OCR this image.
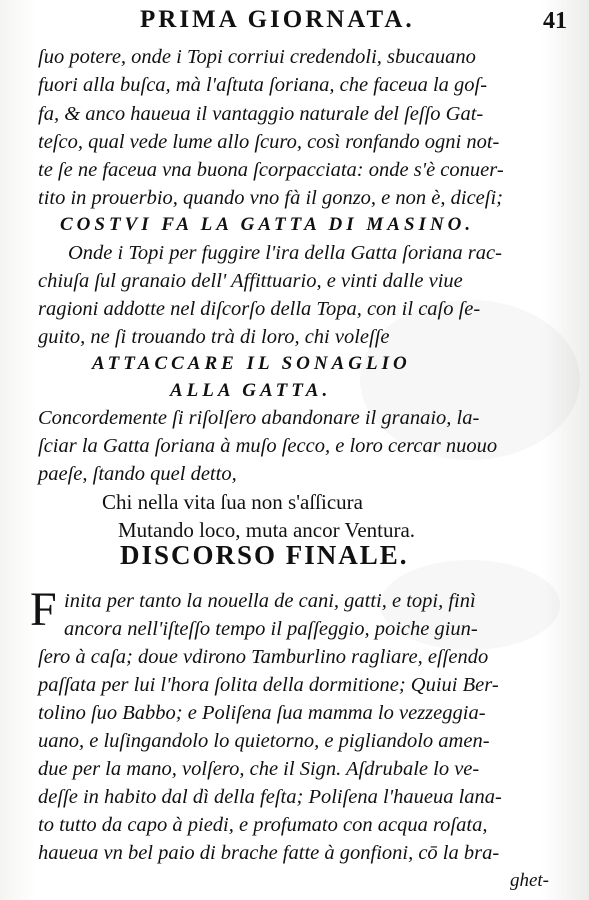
PRIMA GIORNATA.	41
ſuo potere, onde i Topi corriui credendoli, sbucauano
fuori alla buſca, mà l'aſtuta ſoriana, che faceua la goſ-
fa, & anco haueua il vantaggio naturale del ſeſſo Gat-
teſco, qual vede lume allo ſcuro, così ronfando ogni not-
te ſe ne faceua vna buona ſcorpacciata: onde s'è conuer-
tito in prouerbio, quando vno fà il gonzo, e non è, diceſi;
COSTVI FA LA GATTA DI MASINO.
Onde i Topi per fuggire l'ira della Gatta ſoriana rac-
chiuſa ſul granaio dell' Affittuario, e vinti dalle viue
ragioni addotte nel diſcorſo della Topa, con il caſo ſe-
guito, ne ſi trouando trà di loro, chi voleſſe
ATTACCARE IL SONAGLIO
ALLA GATTA.
Concordemente ſi riſolſero abandonare il granaio, la-
ſciar la Gatta ſoriana à muſo ſecco, e loro cercar nuouo
paeſe, ſtando quel detto,
Chi nella vita ſua non s'aſſicura
Mutando loco, muta ancor Ventura.
DISCORSO FINALE.
F inita per tanto la nouella de cani, gatti, e topi, finì
ancora nell'iſteſſo tempo il paſſeggio, poiche giun-
ſero à caſa; doue vdirono Tamburlino ragliare, eſſendo
paſſata per lui l'hora ſolita della dormitione; Quiui Ber-
tolino ſuo Babbo; e Poliſena ſua mamma lo vezzeggia-
uano, e luſingandolo lo quietorno, e pigliandolo amen-
due per la mano, volſero, che il Sign. Aſdrubale lo ve-
deſſe in habito dal dì della feſta; Poliſena l'haueua lana-
to tutto da capo à piedi, e profumato con acqua roſata,
haueua vn bel paio di brache fatte à gonfioni, cō la bra-
ghet-
